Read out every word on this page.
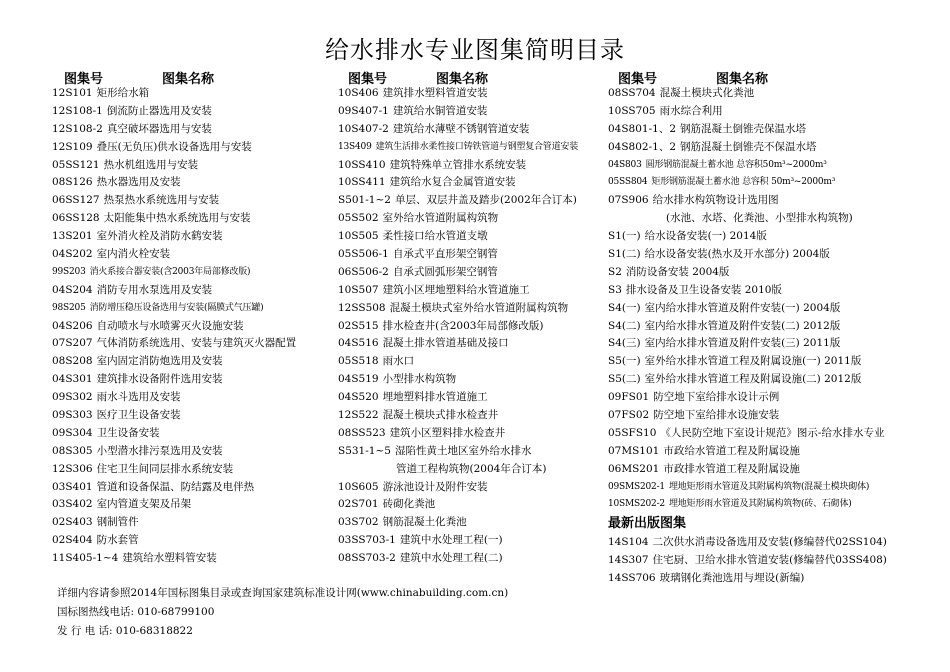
给水排水专业图集简明目录
图集号	图集名称
12S101 矩形给水箱
12S108-1 倒流防止器选用及安装
12S108-2 真空破坏器选用与安装
12S109 叠压(无负压)供水设备选用与安装
05SS121 热水机组选用与安装
08S126 热水器选用及安装
06SS127 热泵热水系统选用与安装
06SS128 太阳能集中热水系统选用与安装
13S201 室外消火栓及消防水鹤安装
04S202 室内消火栓安装
99S203 消火系接合器安装(含2003年局部修改版)
04S204 消防专用水泵选用及安装
98S205 消防增压稳压设备选用与安装(隔膜式气压罐)
04S206 自动喷水与水喷雾灭火设施安装
07S207 气体消防系统选用、安装与建筑灭火器配置
08S208 室内固定消防炮选用及安装
04S301 建筑排水设备附件选用安装
09S302 雨水斗选用及安装
09S303 医疗卫生设备安装
09S304 卫生设备安装
08S305 小型潜水排污泵选用及安装
12S306 住宅卫生间同层排水系统安装
03S401 管道和设备保温、防结露及电伴热
03S402 室内管道支架及吊架
02S403 钢制管件
02S404 防水套管
11S405-1~4 建筑给水塑料管安装
图集号	图集名称
10S406 建筑排水塑料管道安装
09S407-1 建筑给水铜管道安装
10S407-2 建筑给水薄壁不锈钢管道安装
13S409 建筑生活排水柔性接口铸铁管道与钢塑复合管道安装
10SS410 建筑特殊单立管排水系统安装
10SS411 建筑给水复合金属管道安装
S501-1~2 单层、双层井盖及踏步(2002年合订本)
05S502 室外给水管道附属构筑物
10S505 柔性接口给水管道支墩
05S506-1 自承式平直形架空钢管
06S506-2 自承式圆弧形架空钢管
10S507 建筑小区埋地塑料给水管道施工
12SS508 混凝土模块式室外给水管道附属构筑物
02S515 排水检查井(含2003年局部修改版)
04S516 混凝土排水管道基础及接口
05S518 雨水口
04S519 小型排水构筑物
04S520 埋地塑料排水管道施工
12S522 混凝土模块式排水检查井
08SS523 建筑小区塑料排水检查井
S531-1~5 湿陷性黄土地区室外给水排水
管道工程构筑物(2004年合订本)
10S605 游泳池设计及附件安装
02S701 砖砌化粪池
03S702 钢筋混凝土化粪池
03SS703-1 建筑中水处理工程(一)
08SS703-2 建筑中水处理工程(二)
图集号	图集名称
08SS704 混凝土模块式化粪池
10SS705 雨水综合利用
04S801-1、2 钢筋混凝土倒锥壳保温水塔
04S802-1、2 钢筋混凝土倒锥壳不保温水塔
04S803 圆形钢筋混凝土蓄水池 总容积50m³~2000m³
05SS804 矩形钢筋混凝土蓄水池 总容积 50m³~2000m³
07S906 给水排水构筑物设计选用图
(水池、水塔、化粪池、小型排水构筑物)
S1(一) 给水设备安装(一) 2014版
S1(二) 给水设备安装(热水及开水部分) 2004版
S2 消防设备安装 2004版
S3 排水设备及卫生设备安装 2010版
S4(一) 室内给水排水管道及附件安装(一) 2004版
S4(二) 室内给水排水管道及附件安装(二) 2012版
S4(三) 室内给水排水管道及附件安装(三) 2011版
S5(一) 室外给水排水管道工程及附属设施(一) 2011版
S5(二) 室外给水排水管道工程及附属设施(二) 2012版
09FS01 防空地下室给排水设计示例
07FS02 防空地下室给排水设施安装
05SFS10 《人民防空地下室设计规范》图示-给水排水专业
07MS101 市政给水管道工程及附属设施
06MS201 市政排水管道工程及附属设施
09SMS202-1 埋地矩形雨水管道及其附属构筑物(混凝土模块砌体)
10SMS202-2 埋地矩形雨水管道及其附属构筑物(砖、石砌体)
最新出版图集
14S104 二次供水消毒设备选用及安装(修编替代02SS104)
14S307 住宅厨、卫给水排水管道安装(修编替代03SS408)
14SS706 玻璃钢化粪池选用与埋设(新编)
详细内容请参照2014年国标图集目录或查询国家建筑标准设计网(www.chinabuilding.com.cn)
国标图热线电话: 010-68799100
发 行 电 话: 010-68318822
